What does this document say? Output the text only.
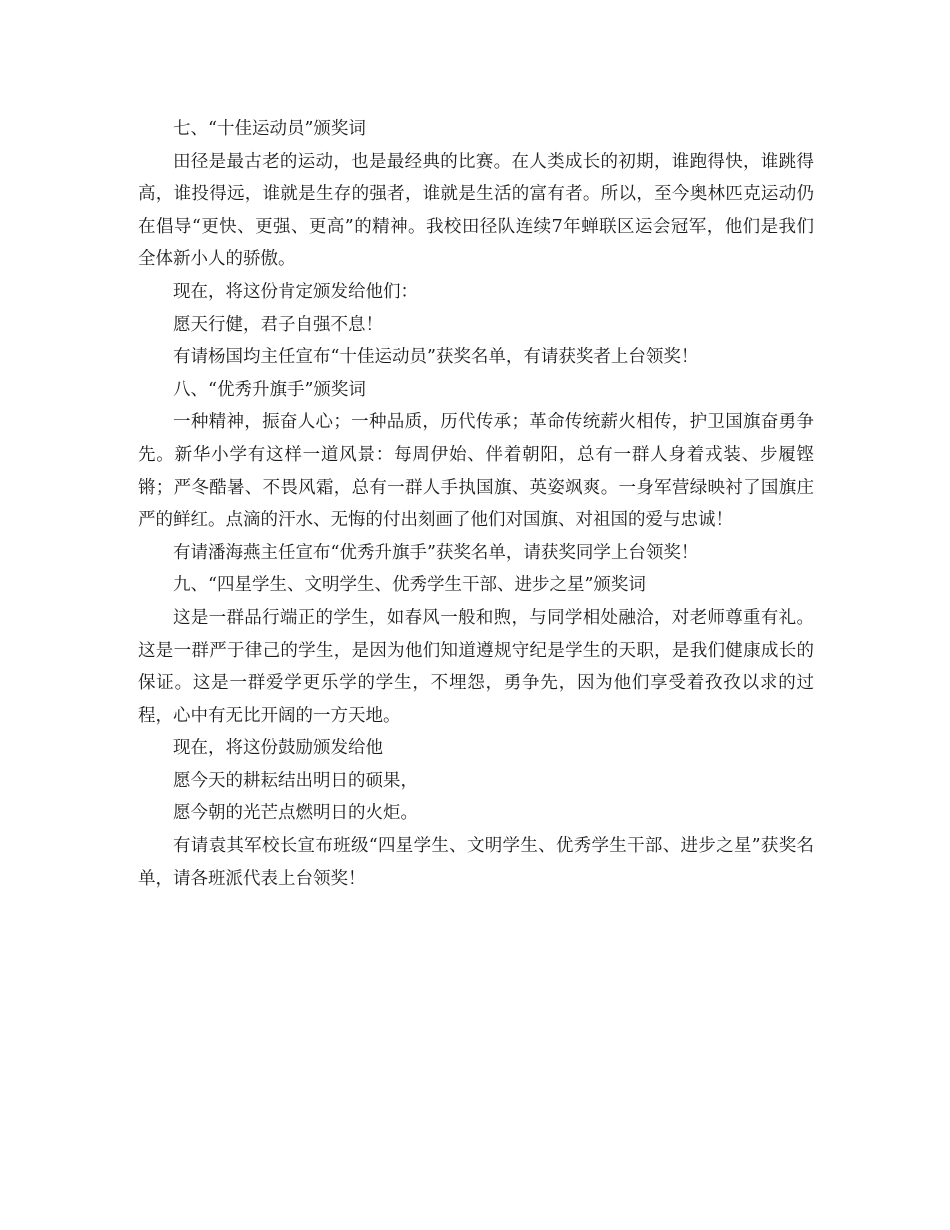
七、“十佳运动员”颁奖词

田径是最古老的运动，也是最经典的比赛。在人类成长的初期，谁跑得快，谁跳得高，谁投得远，谁就是生存的强者，谁就是生活的富有者。所以，至今奥林匹克运动仍在倡导“更快、更强、更高”的精神。我校田径队连续7年蝉联区运会冠军，他们是我们全体新小人的骄傲。

现在，将这份肯定颁发给他们：

愿天行健，君子自强不息！

有请杨国均主任宣布“十佳运动员”获奖名单，有请获奖者上台领奖！

八、“优秀升旗手”颁奖词

一种精神，振奋人心；一种品质，历代传承；革命传统薪火相传，护卫国旗奋勇争先。新华小学有这样一道风景：每周伊始、伴着朝阳，总有一群人身着戎装、步履铿锵；严冬酷暑、不畏风霜，总有一群人手执国旗、英姿飒爽。一身军营绿映衬了国旗庄严的鲜红。点滴的汗水、无悔的付出刻画了他们对国旗、对祖国的爱与忠诚！

有请潘海燕主任宣布“优秀升旗手”获奖名单，请获奖同学上台领奖！

九、“四星学生、文明学生、优秀学生干部、进步之星”颁奖词

这是一群品行端正的学生，如春风一般和煦，与同学相处融洽，对老师尊重有礼。这是一群严于律己的学生，是因为他们知道遵规守纪是学生的天职，是我们健康成长的保证。这是一群爱学更乐学的学生，不埋怨，勇争先，因为他们享受着孜孜以求的过程，心中有无比开阔的一方天地。

现在，将这份鼓励颁发给他

愿今天的耕耘结出明日的硕果，

愿今朝的光芒点燃明日的火炬。

有请袁其军校长宣布班级“四星学生、文明学生、优秀学生干部、进步之星”获奖名单，请各班派代表上台领奖！
